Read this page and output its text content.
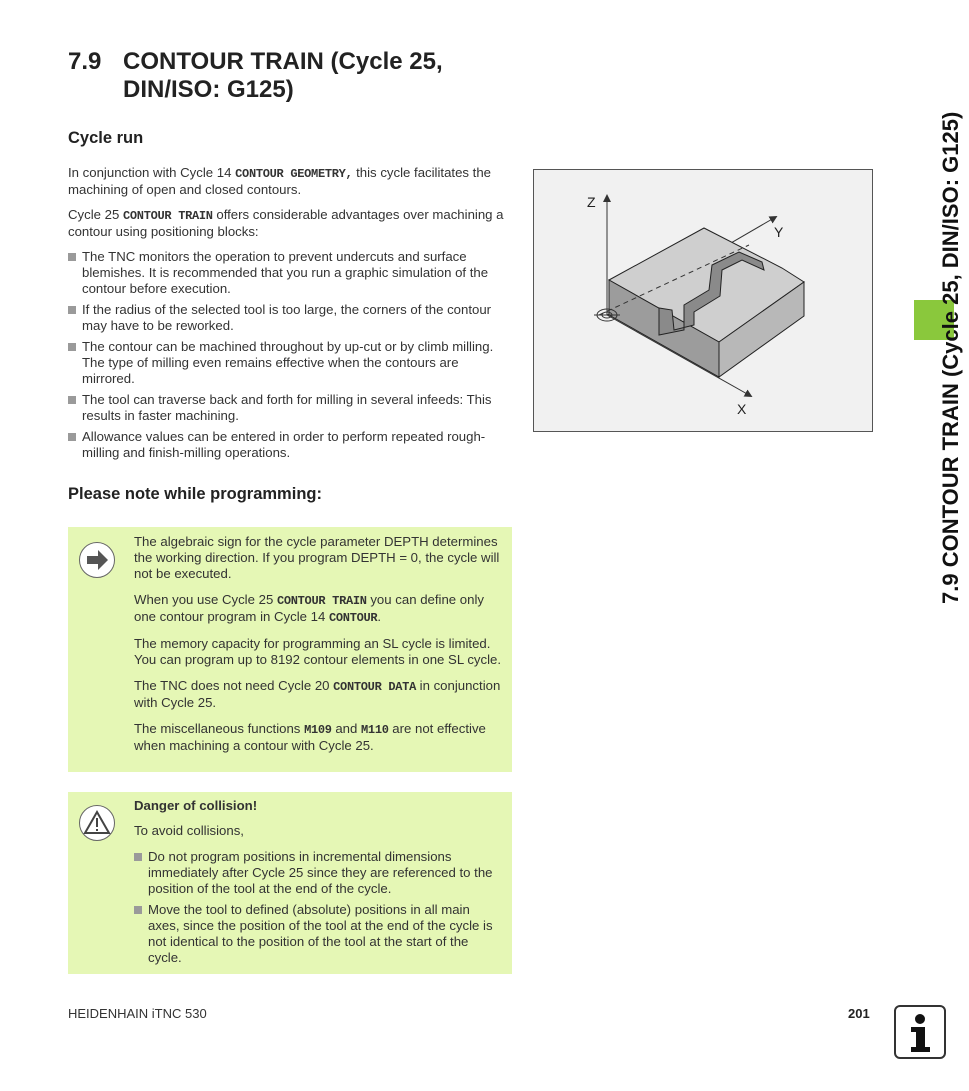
7.9 CONTOUR TRAIN (Cycle 25,
DIN/ISO: G125)
Cycle run

In conjunction with Cycle 14 CONTOUR GEOMETRY, this cycle facilitates the machining of open and closed contours.

Cycle 25 CONTOUR TRAIN offers considerable advantages over machining a contour using positioning blocks:

The TNC monitors the operation to prevent undercuts and surface blemishes. It is recommended that you run a graphic simulation of the contour before execution.
If the radius of the selected tool is too large, the corners of the contour may have to be reworked.
The contour can be machined throughout by up-cut or by climb milling. The type of milling even remains effective when the contours are mirrored.
The tool can traverse back and forth for milling in several infeeds: This results in faster machining.
Allowance values can be entered in order to perform repeated rough-milling and finish-milling operations.
Z
Y
X
Please note while programming:

The algebraic sign for the cycle parameter DEPTH determines the working direction. If you program DEPTH = 0, the cycle will not be executed.

When you use Cycle 25 CONTOUR TRAIN you can define only one contour program in Cycle 14 CONTOUR.

The memory capacity for programming an SL cycle is limited. You can program up to 8192 contour elements in one SL cycle.

The TNC does not need Cycle 20 CONTOUR DATA in conjunction with Cycle 25.

The miscellaneous functions M109 and M110 are not effective when machining a contour with Cycle 25.

Danger of collision!

To avoid collisions,

Do not program positions in incremental dimensions immediately after Cycle 25 since they are referenced to the position of the tool at the end of the cycle.
Move the tool to defined (absolute) positions in all main axes, since the position of the tool at the end of the cycle is not identical to the position of the tool at the start of the cycle.
7.9 CONTOUR TRAIN (Cycle 25, DIN/ISO: G125)
HEIDENHAIN iTNC 530	201
